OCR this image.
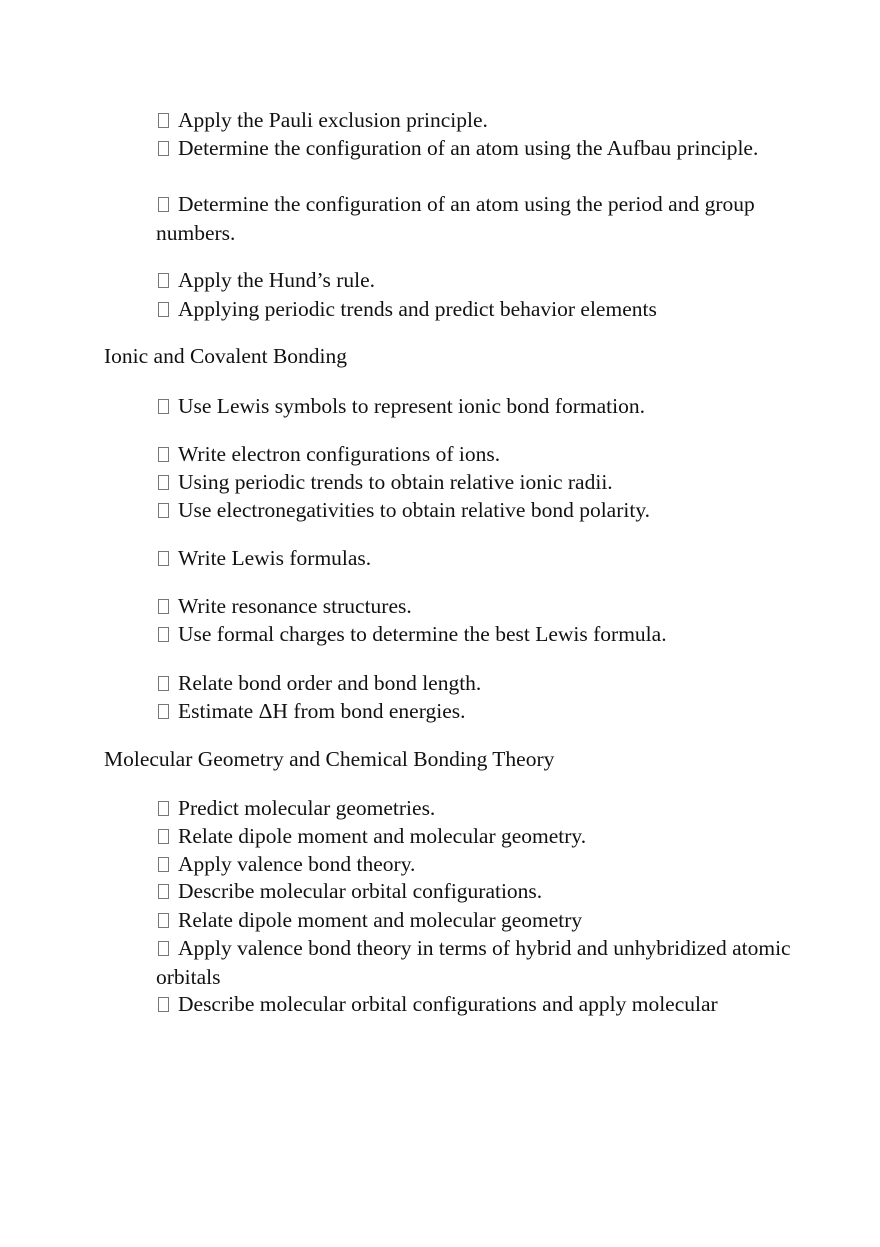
Apply the Pauli exclusion principle.

Determine the configuration of an atom using the Aufbau principle.

Determine the configuration of an atom using the period and group numbers.

Apply the Hund’s rule.

Applying periodic trends and predict behavior elements

Ionic and Covalent Bonding

Use Lewis symbols to represent ionic bond formation.

Write electron configurations of ions.

Using periodic trends to obtain relative ionic radii.

Use electronegativities to obtain relative bond polarity.

Write Lewis formulas.

Write resonance structures.

Use formal charges to determine the best Lewis formula.

Relate bond order and bond length.

Estimate ΔH from bond energies.

Molecular Geometry and Chemical Bonding Theory

Predict molecular geometries.

Relate dipole moment and molecular geometry.

Apply valence bond theory.

Describe molecular orbital configurations.

Relate dipole moment and molecular geometry

Apply valence bond theory in terms of hybrid and unhybridized atomic orbitals

Describe molecular orbital configurations and apply molecular
